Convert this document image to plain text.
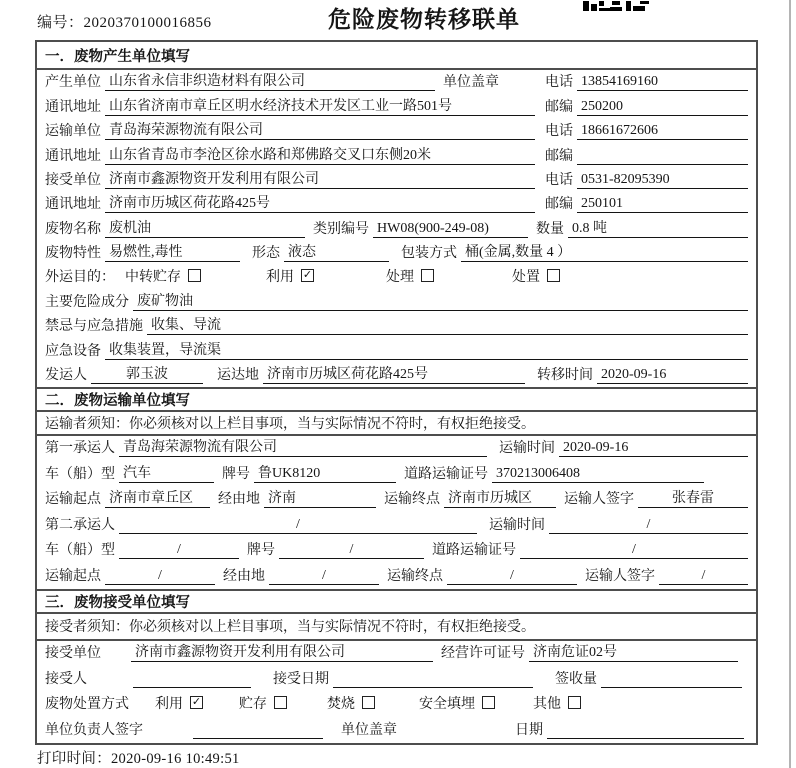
编号：2020370100016856	危险废物转移联单
一．废物产生单位填写
产生单位 山东省永信非织造材料有限公司	单位盖章	电话 13854169160
通讯地址 山东省济南市章丘区明水经济技术开发区工业一路501号	邮编 250200
运输单位 青岛海荣源物流有限公司	电话 18661672606
通讯地址 山东省青岛市李沧区徐水路和郑佛路交叉口东侧20米	邮编
接受单位 济南市鑫源物资开发利用有限公司	电话 0531-82095390
通讯地址 济南市历城区荷花路425号	邮编 250101
废物名称 废机油	类别编号 HW08(900-249-08)	数量 0.8 吨
废物特性 易燃性,毒性	形态 液态	包装方式 桶(金属,数量 4 ）
外运目的： 中转贮存	利用 ✓	处理	处置
主要危险成分 废矿物油
禁忌与应急措施 收集、导流
应急设备 收集装置，导流渠
发运人	郭玉波	运达地 济南市历城区荷花路425号	转移时间 2020-09-16
二．废物运输单位填写
运输者须知：你必须核对以上栏目事项，当与实际情况不符时，有权拒绝接受。
第一承运人 青岛海荣源物流有限公司	运输时间 2020-09-16
车（船）型 汽车	牌号 鲁UK8120	道路运输证号 370213006408
运输起点 济南市章丘区	经由地 济南	运输终点 济南市历城区	运输人签字	张春雷
第二承运人	/	运输时间	/
车（船）型	/	牌号	/	道路运输证号	/
运输起点	/	经由地	/	运输终点	/	运输人签字	/
三．废物接受单位填写
接受者须知：你必须核对以上栏目事项，当与实际情况不符时，有权拒绝接受。
接受单位 济南市鑫源物资开发利用有限公司	经营许可证号 济南危证02号
接受人	接受日期	签收量
废物处置方式 利用 ✓	贮存	焚烧	安全填埋	其他
单位负责人签字	单位盖章	日期
打印时间：2020-09-16 10:49:51
